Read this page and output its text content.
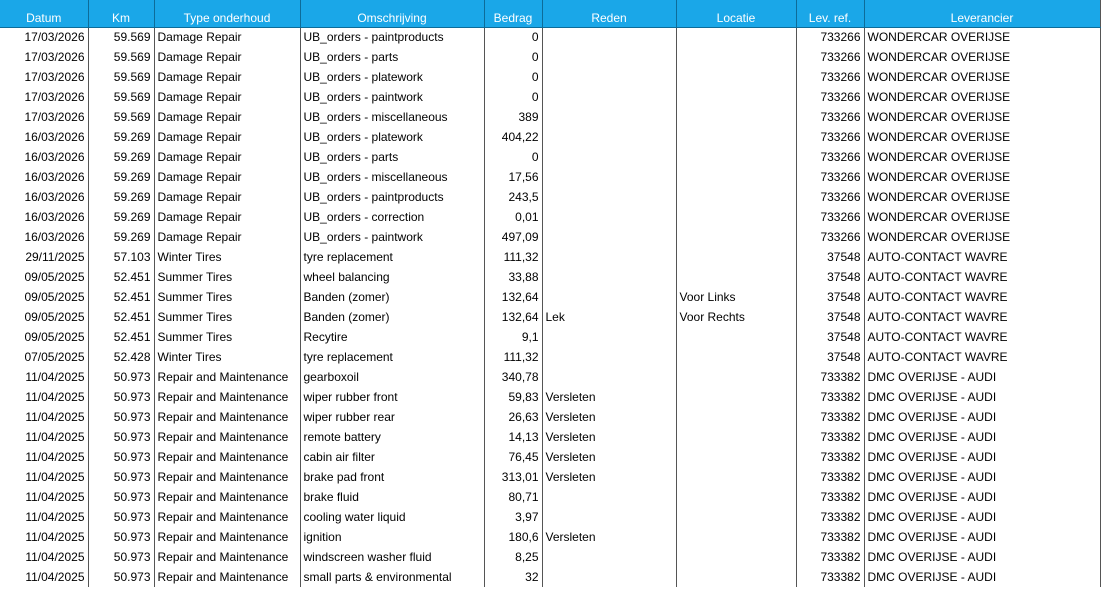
Datum	Km	Type onderhoud	Omschrijving	Bedrag	Reden	Locatie	Lev. ref.	Leverancier
17/03/2026	59.569	Damage Repair	UB_orders - paintproducts	0			733266	WONDERCAR OVERIJSE
17/03/2026	59.569	Damage Repair	UB_orders - parts	0			733266	WONDERCAR OVERIJSE
17/03/2026	59.569	Damage Repair	UB_orders - platework	0			733266	WONDERCAR OVERIJSE
17/03/2026	59.569	Damage Repair	UB_orders - paintwork	0			733266	WONDERCAR OVERIJSE
17/03/2026	59.569	Damage Repair	UB_orders - miscellaneous	389			733266	WONDERCAR OVERIJSE
16/03/2026	59.269	Damage Repair	UB_orders - platework	404,22			733266	WONDERCAR OVERIJSE
16/03/2026	59.269	Damage Repair	UB_orders - parts	0			733266	WONDERCAR OVERIJSE
16/03/2026	59.269	Damage Repair	UB_orders - miscellaneous	17,56			733266	WONDERCAR OVERIJSE
16/03/2026	59.269	Damage Repair	UB_orders - paintproducts	243,5			733266	WONDERCAR OVERIJSE
16/03/2026	59.269	Damage Repair	UB_orders - correction	0,01			733266	WONDERCAR OVERIJSE
16/03/2026	59.269	Damage Repair	UB_orders - paintwork	497,09			733266	WONDERCAR OVERIJSE
29/11/2025	57.103	Winter Tires	tyre replacement	111,32			37548	AUTO-CONTACT WAVRE
09/05/2025	52.451	Summer Tires	wheel balancing	33,88			37548	AUTO-CONTACT WAVRE
09/05/2025	52.451	Summer Tires	Banden (zomer)	132,64		Voor Links	37548	AUTO-CONTACT WAVRE
09/05/2025	52.451	Summer Tires	Banden (zomer)	132,64	Lek	Voor Rechts	37548	AUTO-CONTACT WAVRE
09/05/2025	52.451	Summer Tires	Recytire	9,1			37548	AUTO-CONTACT WAVRE
07/05/2025	52.428	Winter Tires	tyre replacement	111,32			37548	AUTO-CONTACT WAVRE
11/04/2025	50.973	Repair and Maintenance	gearboxoil	340,78			733382	DMC OVERIJSE - AUDI
11/04/2025	50.973	Repair and Maintenance	wiper rubber front	59,83	Versleten		733382	DMC OVERIJSE - AUDI
11/04/2025	50.973	Repair and Maintenance	wiper rubber rear	26,63	Versleten		733382	DMC OVERIJSE - AUDI
11/04/2025	50.973	Repair and Maintenance	remote battery	14,13	Versleten		733382	DMC OVERIJSE - AUDI
11/04/2025	50.973	Repair and Maintenance	cabin air filter	76,45	Versleten		733382	DMC OVERIJSE - AUDI
11/04/2025	50.973	Repair and Maintenance	brake pad front	313,01	Versleten		733382	DMC OVERIJSE - AUDI
11/04/2025	50.973	Repair and Maintenance	brake fluid	80,71			733382	DMC OVERIJSE - AUDI
11/04/2025	50.973	Repair and Maintenance	cooling water liquid	3,97			733382	DMC OVERIJSE - AUDI
11/04/2025	50.973	Repair and Maintenance	ignition	180,6	Versleten		733382	DMC OVERIJSE - AUDI
11/04/2025	50.973	Repair and Maintenance	windscreen washer fluid	8,25			733382	DMC OVERIJSE - AUDI
11/04/2025	50.973	Repair and Maintenance	small parts & environmental	32			733382	DMC OVERIJSE - AUDI
